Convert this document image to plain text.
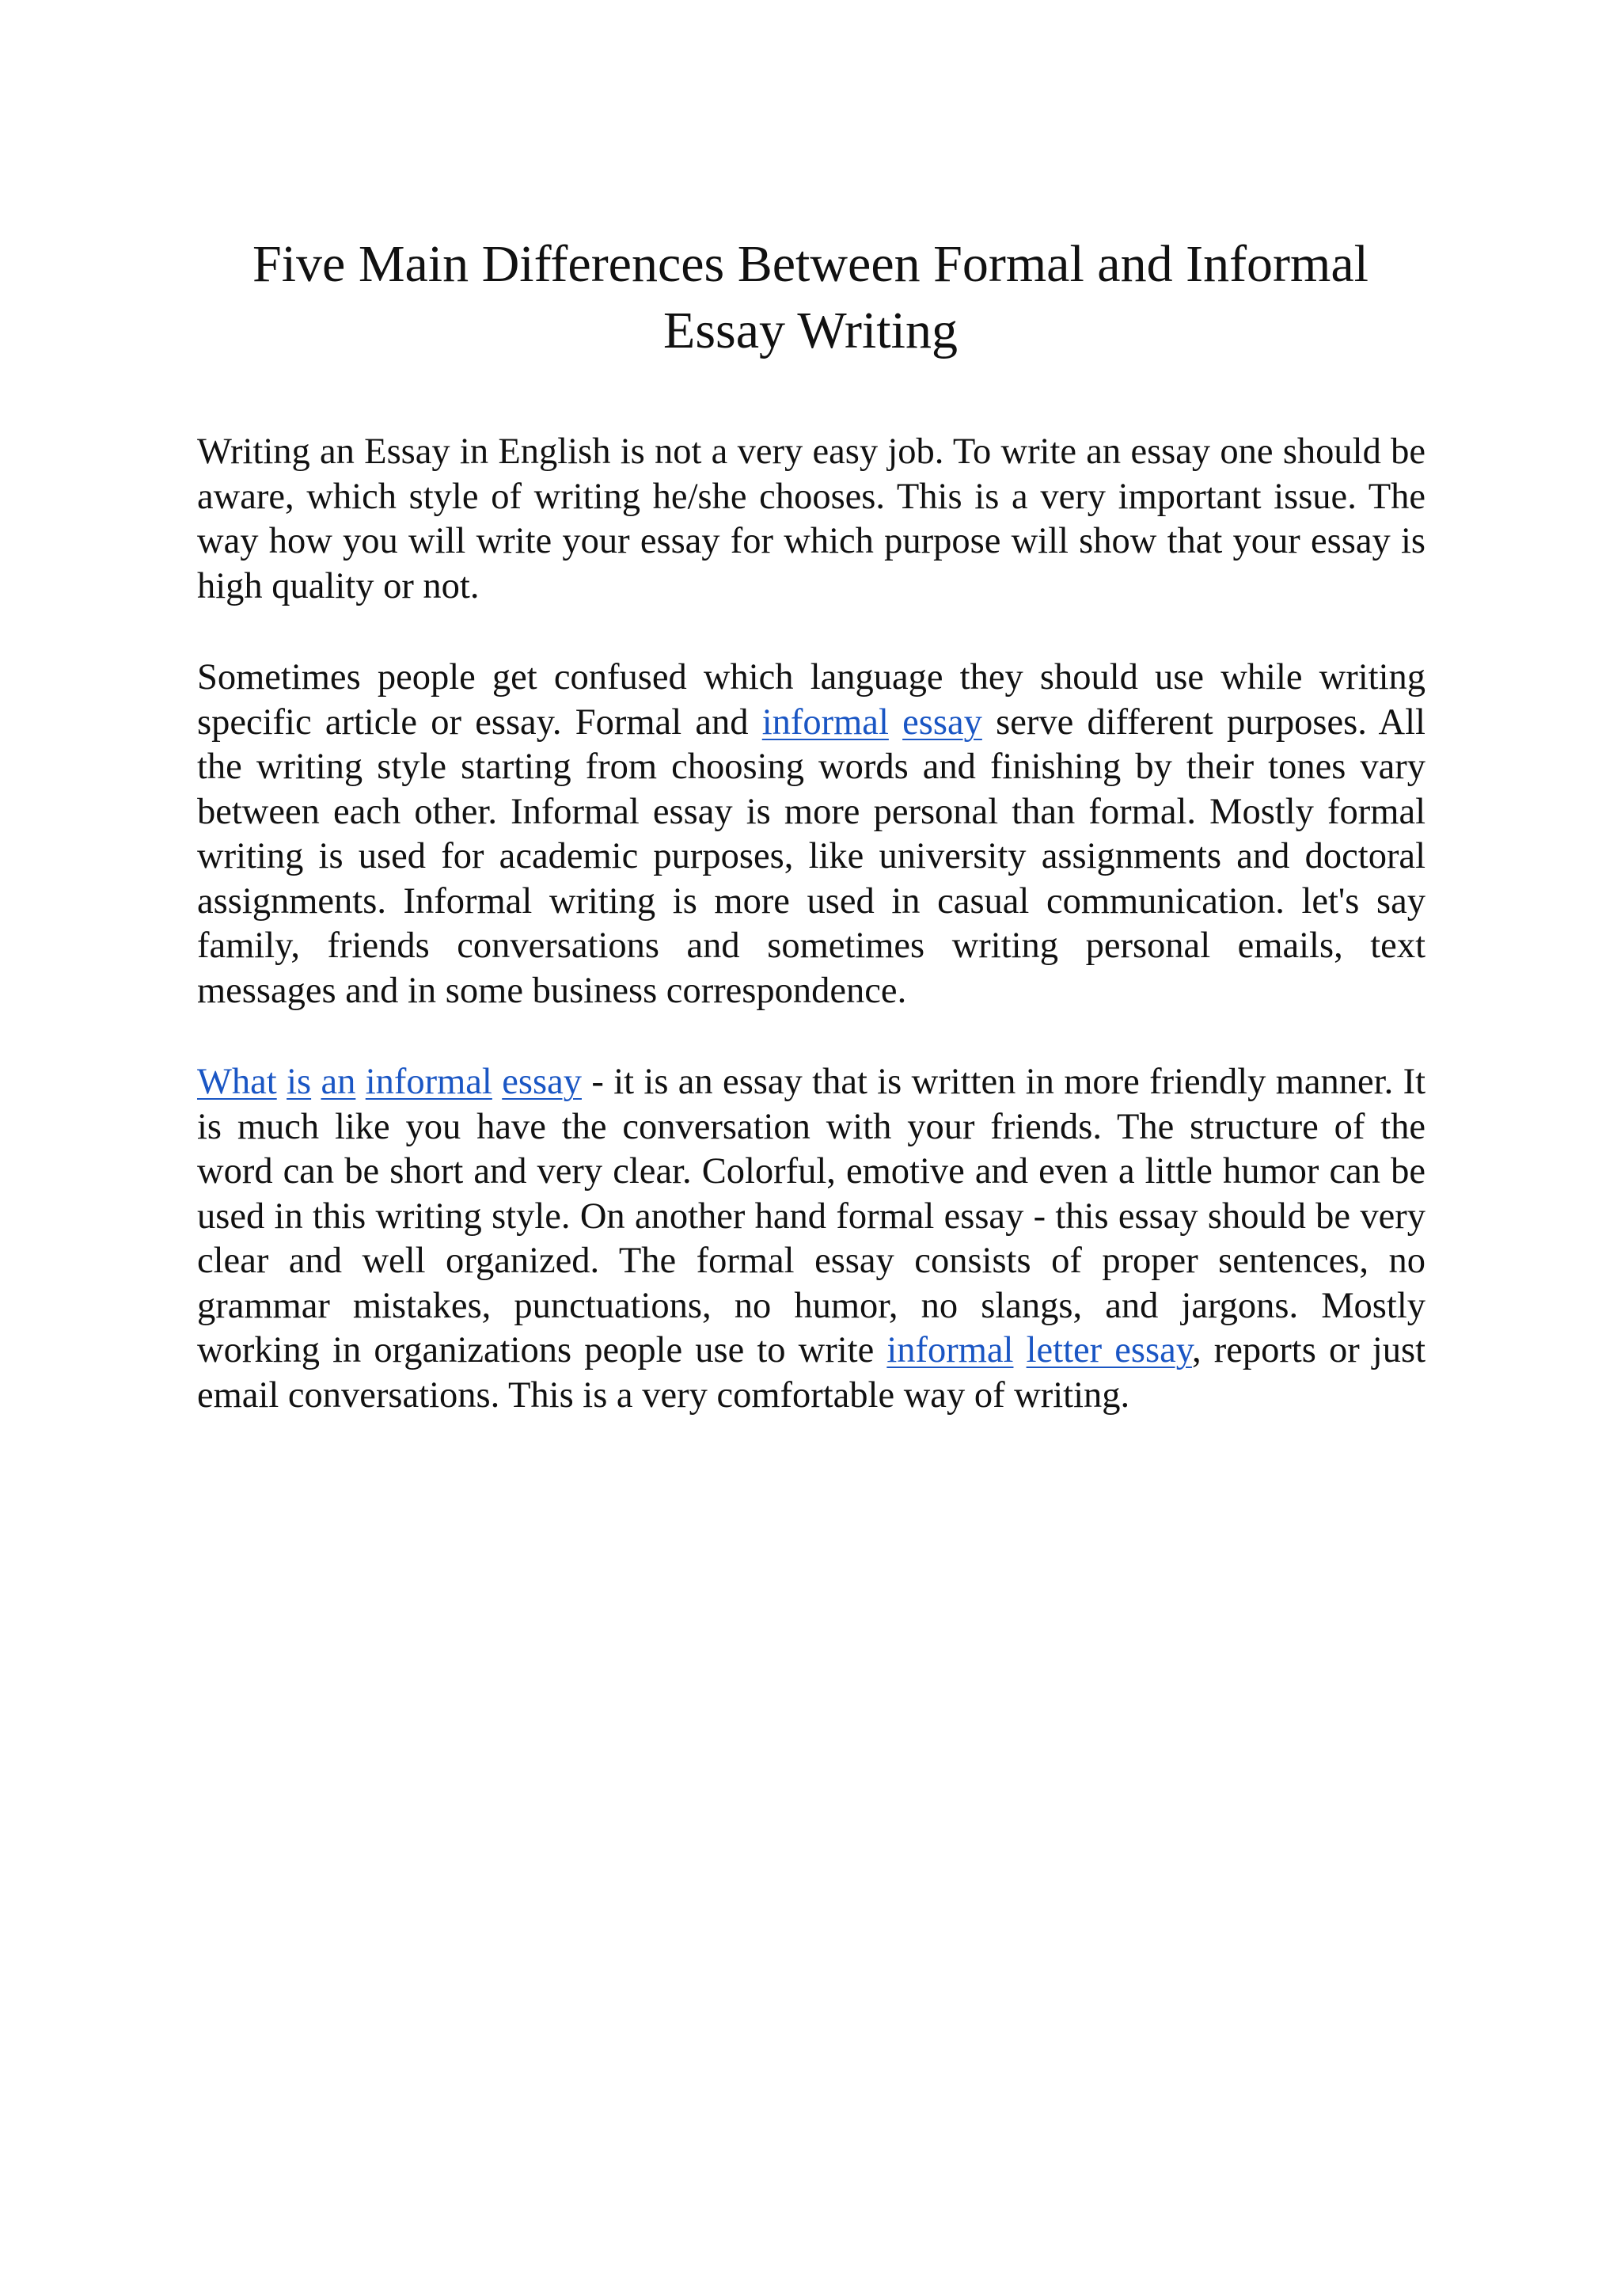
Five Main Differences Between Formal and Informal Essay Writing

Writing an Essay in English is not a very easy job. To write an essay one should be aware, which style of writing he/she chooses. This is a very important issue. The way how you will write your essay for which purpose will show that your essay is high quality or not.

Sometimes people get confused which language they should use while writing specific article or essay. Formal and informal essay serve different purposes. All the writing style starting from choosing words and finishing by their tones vary between each other. Informal essay is more personal than formal. Mostly formal writing is used for academic purposes, like university assignments and doctoral assignments. Informal writing is more used in casual communication. let's say family, friends conversations and sometimes writing personal emails, text messages and in some business correspondence.

What is an informal essay - it is an essay that is written in more friendly manner. It is much like you have the conversation with your friends. The structure of the word can be short and very clear. Colorful, emotive and even a little humor can be used in this writing style. On another hand formal essay - this essay should be very clear and well organized. The formal essay consists of proper sentences, no grammar mistakes, punctuations, no humor, no slangs, and jargons. Mostly working in organizations people use to write informal letter essay, reports or just email conversations. This is a very comfortable way of writing.
